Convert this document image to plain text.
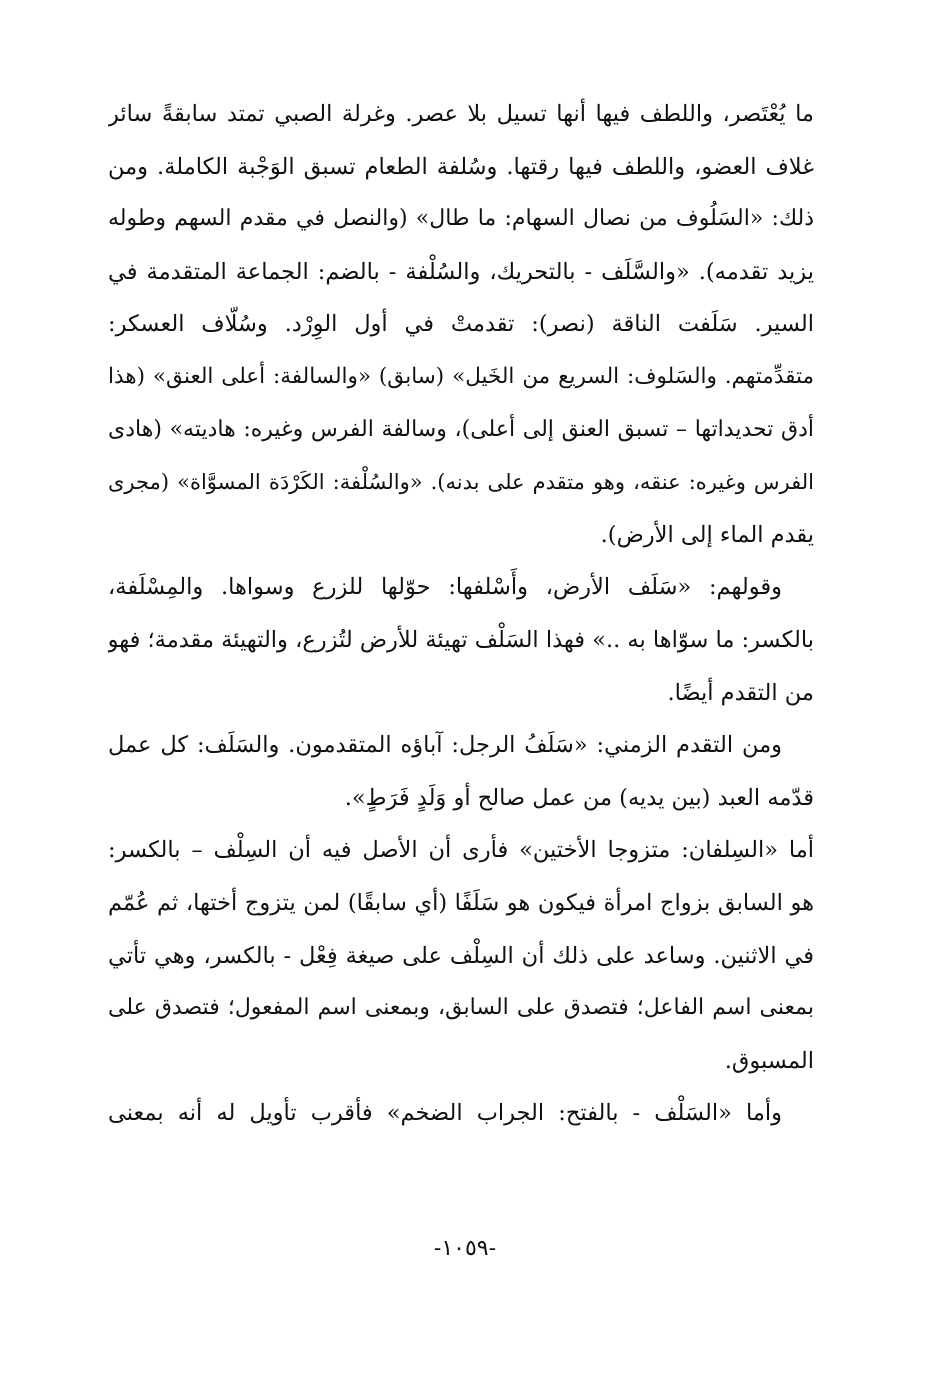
ما يُعْتَصر، واللطف فيها أنها تسيل بلا عصر. وغرلة الصبي تمتد سابقةً سائر
غلاف العضو، واللطف فيها رقتها. وسُلفة الطعام تسبق الوَجْبة الكاملة. ومن
ذلك: «السَلُوف من نصال السهام: ما طال» (والنصل في مقدم السهم وطوله
يزيد تقدمه). «والسَّلَف - بالتحريك، والسُلْفة - بالضم: الجماعة المتقدمة في
السير. سَلَفت الناقة (نصر): تقدمتْ في أول الوِرْد. وسُلّاف العسكر:
متقدِّمتهم. والسَلوف: السريع من الخَيل» (سابق) «والسالفة: أعلى العنق» (هذا
أدق تحديداتها – تسبق العنق إلى أعلى)، وسالفة الفرس وغيره: هاديته» (هادى
الفرس وغيره: عنقه، وهو متقدم على بدنه). «والسُلْفة: الكَرْدَة المسوَّاة» (مجرى
يقدم الماء إلى الأرض).

وقولهم: «سَلَف الأرض، وأَسْلفها: حوّلها للزرع وسواها. والمِسْلَفة،
بالكسر: ما سوّاها به ..» فهذا السَلْف تهيئة للأرض لتُزرع، والتهيئة مقدمة؛ فهو
من التقدم أيضًا.

ومن التقدم الزمني: «سَلَفُ الرجل: آباؤه المتقدمون. والسَلَف: كل عمل
قدّمه العبد (بين يديه) من عمل صالح أو وَلَدٍ فَرَطٍ».

أما «السِلفان: متزوجا الأختين» فأرى أن الأصل فيه أن السِلْف – بالكسر:
هو السابق بزواج امرأة فيكون هو سَلَفًا (أي سابقًا) لمن يتزوج أختها، ثم عُمّم
في الاثنين. وساعد على ذلك أن السِلْف على صيغة فِعْل - بالكسر، وهي تأتي
بمعنى اسم الفاعل؛ فتصدق على السابق، وبمعنى اسم المفعول؛ فتصدق على
المسبوق.

وأما «السَلْف - بالفتح: الجراب الضخم» فأقرب تأويل له أنه بمعنى

-١٠٥٩-
